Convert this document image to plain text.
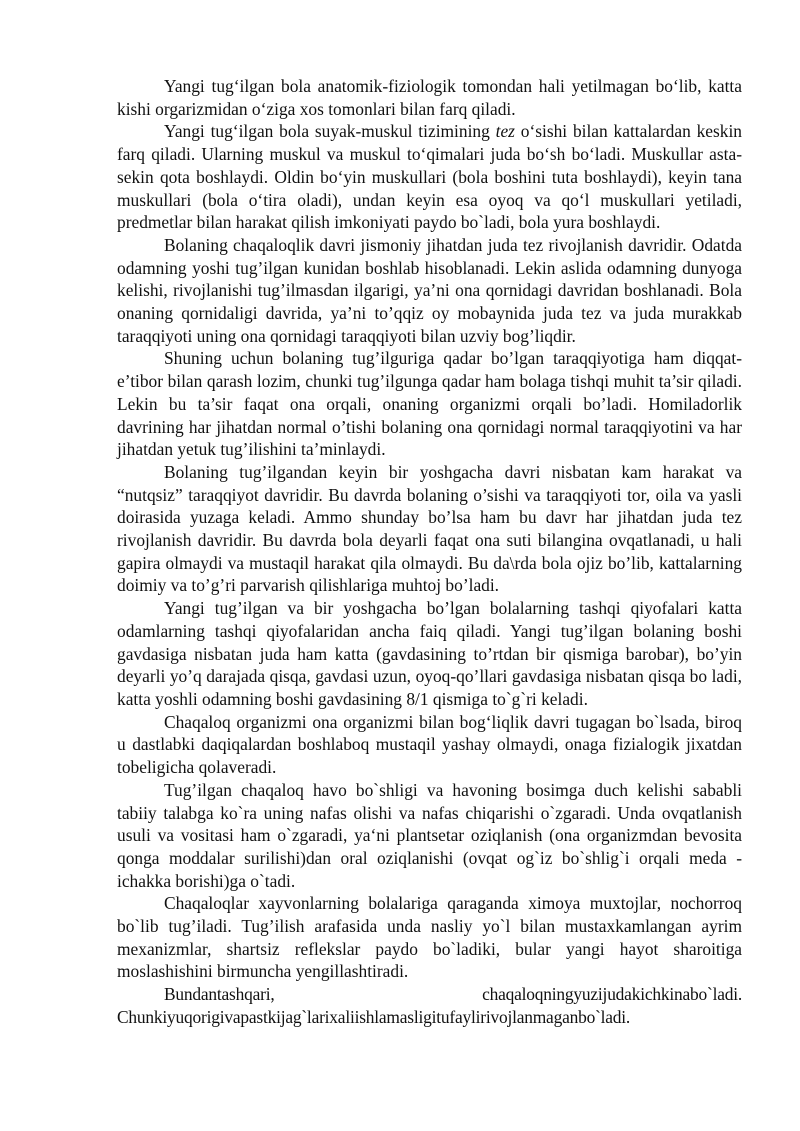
Yangi tug‘ilgan bola anatomik-fiziologik tomondan hali yetilmagan bo‘lib, katta kishi orgarizmidan o‘ziga xos tomonlari bilan farq qiladi.

Yangi tug‘ilgan bola suyak-muskul tizimining tez o‘sishi bilan kattalardan keskin farq qiladi. Ularning muskul va muskul to‘qimalari juda bo‘sh bo‘ladi. Muskullar asta-sekin qota boshlaydi. Oldin bo‘yin muskullari (bola boshini tuta boshlaydi), keyin tana muskullari (bola o‘tira oladi), undan keyin esa oyoq va qo‘l muskullari yetiladi, predmetlar bilan harakat qilish imkoniyati paydo bo`ladi, bola yura boshlaydi.

Bolaning chaqaloqlik davri jismoniy jihatdan juda tez rivojlanish davridir. Odatda odamning yoshi tug’ilgan kunidan boshlab hisoblanadi. Lekin aslida odamning dunyoga kelishi, rivojlanishi tug’ilmasdan ilgarigi, ya’ni ona qornidagi davridan boshlanadi. Bola onaning qornidaligi davrida, ya’ni to’qqiz oy mobaynida juda tez va juda murakkab taraqqiyoti uning ona qornidagi taraqqiyoti bilan uzviy bog’liqdir.

Shuning uchun bolaning tug’ilguriga qadar bo’lgan taraqqiyotiga ham diqqat-e’tibor bilan qarash lozim, chunki tug’ilgunga qadar ham bolaga tishqi muhit ta’sir qiladi. Lekin bu ta’sir faqat ona orqali, onaning organizmi orqali bo’ladi. Homiladorlik davrining har jihatdan normal o’tishi bolaning ona qornidagi normal taraqqiyotini va har jihatdan yetuk tug’ilishini ta’minlaydi.

Bolaning tug’ilgandan keyin bir yoshgacha davri nisbatan kam harakat va “nutqsiz” taraqqiyot davridir. Bu davrda bolaning o’sishi va taraqqiyoti tor, oila va yasli doirasida yuzaga keladi. Ammo shunday bo’lsa ham bu davr har jihatdan juda tez rivojlanish davridir. Bu davrda bola deyarli faqat ona suti bilangina ovqatlanadi, u hali gapira olmaydi va mustaqil harakat qila olmaydi. Bu da\rda bola ojiz bo’lib, kattalarning doimiy va to’g’ri parvarish qilishlariga muhtoj bo’ladi.

Yangi tug’ilgan va bir yoshgacha bo’lgan bolalarning tashqi qiyofalari katta odamlarning tashqi qiyofalaridan ancha faiq qiladi. Yangi tug’ilgan bolaning boshi gavdasiga nisbatan juda ham katta (gavdasining to’rtdan bir qismiga barobar), bo’yin deyarli yo’q darajada qisqa, gavdasi uzun, oyoq-qo’llari gavdasiga nisbatan qisqa bo ladi, katta yoshli odamning boshi gavdasining 8/1 qismiga to`g`ri keladi.

Chaqaloq organizmi ona organizmi bilan bog‘liqlik davri tugagan bo`lsada, biroq u dastlabki daqiqalardan boshlaboq mustaqil yashay olmaydi, onaga fizialogik jixatdan tobeligicha qolaveradi.

Tug’ilgan chaqaloq havo bo`shligi va havoning bosimga duch kelishi sababli tabiiy talabga ko`ra uning nafas olishi va nafas chiqarishi o`zgaradi. Unda ovqatlanish usuli va vositasi ham o`zgaradi, ya‘ni plantsetar oziqlanish (ona organizmdan bevosita qonga moddalar surilishi)dan oral oziqlanishi (ovqat og`iz bo`shlig`i orqali meda - ichakka borishi)ga o`tadi.

Chaqaloqlar xayvonlarning bolalariga qaraganda ximoya muxtojlar, nochorroq bo`lib tug’iladi. Tug’ilish arafasida unda nasliy yo`l bilan mustaxkamlangan ayrim mexanizmlar, shartsiz reflekslar paydo bo`ladiki, bular yangi hayot sharoitiga moslashishini birmuncha yengillashtiradi.

Bundantashqari, chaqaloqningyuzijudakichkinabo`ladi. Chunkiyuqorigivapastkijag`larixaliishlamasligitufaylirivojlanmaganbo`ladi.
